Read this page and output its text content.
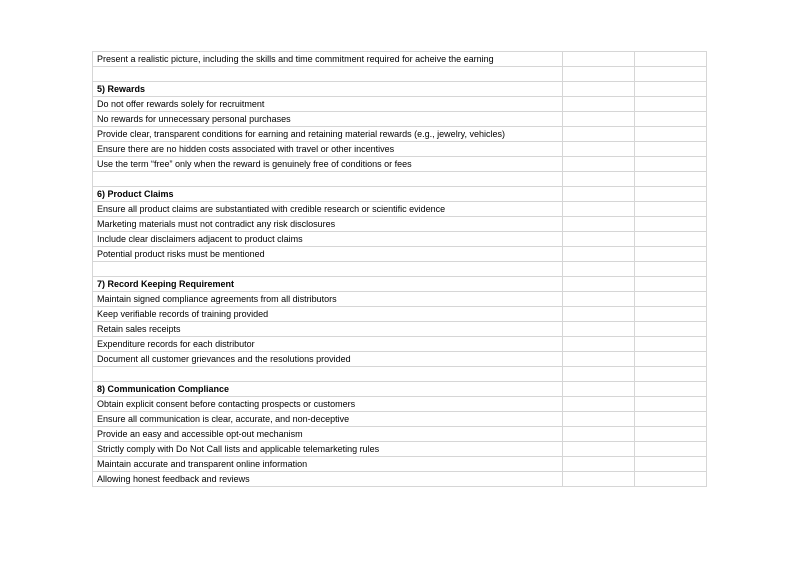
Present a realistic picture, including the skills and time commitment required for acheive the earning		

5) Rewards		
Do not offer rewards solely for recruitment		
No rewards for unnecessary personal purchases		
Provide clear, transparent conditions for earning and retaining material rewards (e.g., jewelry, vehicles)		
Ensure there are no hidden costs associated with travel or other incentives		
Use the term “free” only when the reward is genuinely free of conditions or fees		

6) Product Claims		
Ensure all product claims are substantiated with credible research or scientific evidence		
Marketing materials must not contradict any risk disclosures		
Include clear disclaimers adjacent to product claims		
Potential product risks must be mentioned		

7) Record Keeping Requirement		
Maintain signed compliance agreements from all distributors		
Keep verifiable records of training provided		
Retain sales receipts		
Expenditure records for each distributor		
Document all customer grievances and the resolutions provided		

8) Communication Compliance		
Obtain explicit consent before contacting prospects or customers		
Ensure all communication is clear, accurate, and non-deceptive		
Provide an easy and accessible opt-out mechanism		
Strictly comply with Do Not Call lists and applicable telemarketing rules		
Maintain accurate and transparent online information		
Allowing honest feedback and reviews		
